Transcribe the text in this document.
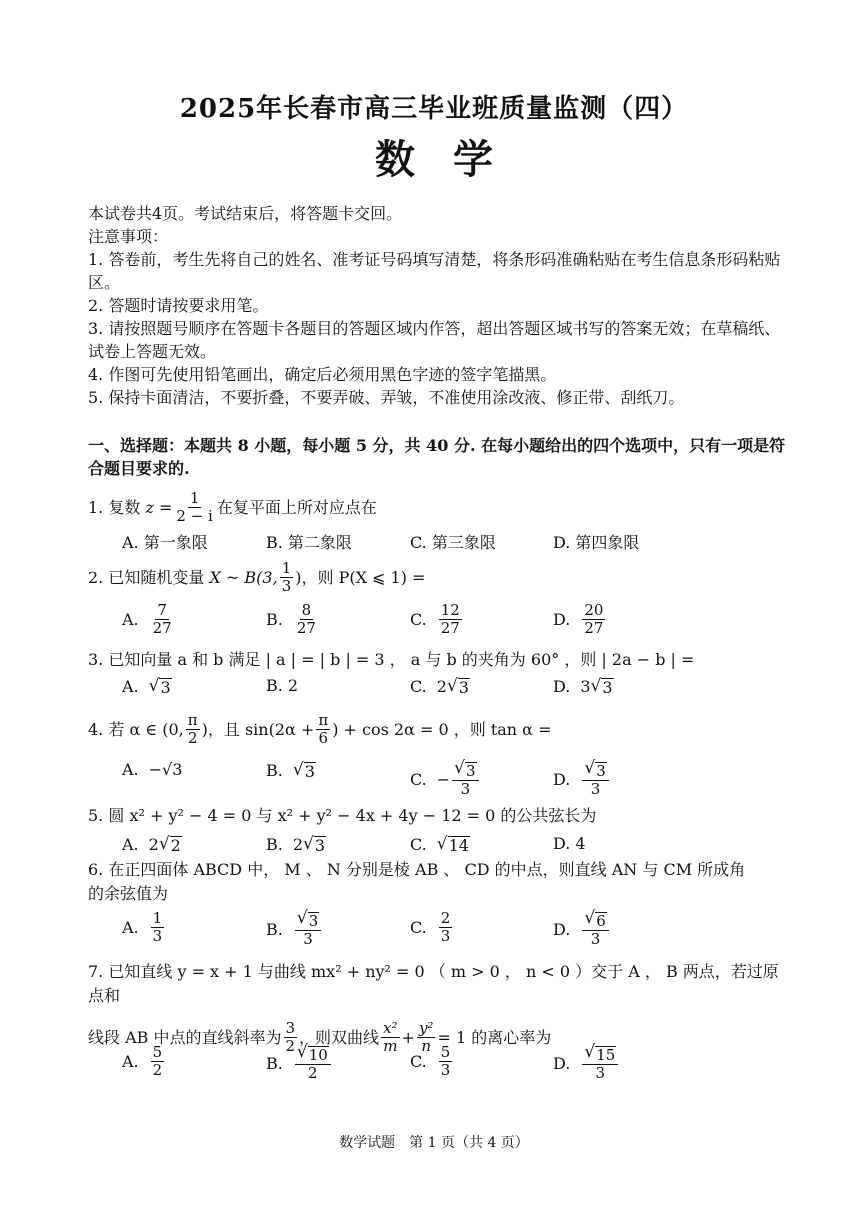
2025年长春市高三毕业班质量监测（四）
数学

本试卷共4页。考试结束后，将答题卡交回。

注意事项：

1. 答卷前，考生先将自己的姓名、准考证号码填写清楚，将条形码准确粘贴在考生信息条形码粘贴区。

2. 答题时请按要求用笔。

3. 请按照题号顺序在答题卡各题目的答题区域内作答，超出答题区域书写的答案无效；在草稿纸、试卷上答题无效。

4. 作图可先使用铅笔画出，确定后必须用黑色字迹的签字笔描黑。

5. 保持卡面清洁，不要折叠，不要弄破、弄皱，不准使用涂改液、修正带、刮纸刀。

一、选择题：本题共 8 小题，每小题 5 分，共 40 分. 在每小题给出的四个选项中，只有一项是符合题目要求的.
1. 复数
$z = \frac{1}{2 - i}$ 在复平面上所对应点在
A. 第一象限	B. 第二象限	C. 第三象限	D. 第四象限
2. 已知随机变量
X ~ B(3, $\frac{1}{3}$ ) ，则 P(X ⩽ 1) =
A. $\frac{7}{27}$	B. $\frac{8}{27}$	C. $\frac{12}{27}$	D. $\frac{20}{27}$
3. 已知向量 a 和 b 满足 | a | = | b | = 3 ， a 与 b 的夹角为 60° ，则 | 2a − b | =
A. √ 3	B. 2	C. 2 √ 3	D. 3 √ 3
4. 若 α ∈ (0, $\frac{\pi}{2}$ )，且 $\sin(2\alpha + \frac{\pi}{6}$ ) + cos 2α = 0 ，则 tan α =
A. −√3	B. √ 3	C. − $\frac{√ 3}{3}$	D. $\frac{√ 3}{3}$
5. 圆 x² + y² − 4 = 0 与 x² + y² − 4x + 4y − 12 = 0 的公共弦长为
A. 2 √ 2	B. 2 √ 3	C. √ 14	D. 4
6. 在正四面体 ABCD 中， M 、 N 分别是棱 AB 、 CD 的中点，则直线 AN 与 CM 所成角
的余弦值为
A. $\frac{1}{3}$	B. $\frac{√ 3}{3}$	C. $\frac{2}{3}$	D. $\frac{√ 6}{3}$
7. 已知直线 y = x + 1 与曲线 mx² + ny² = 0 （ m > 0 ， n < 0 ）交于 A ， B 两点，若过原点和
线段 AB 中点的直线斜率为 $\frac{3}{2}$ ，则双曲线 $\frac{\text{x²}}{m} + \frac{\text{y²}}{n} = 1$ 的离心率为
A. $\frac{5}{2}$	B. $\frac{√ 10}{2}$	C. $\frac{5}{3}$	D. $\frac{√ 15}{3}$
数学试题　第 1 页（共 4 页）
